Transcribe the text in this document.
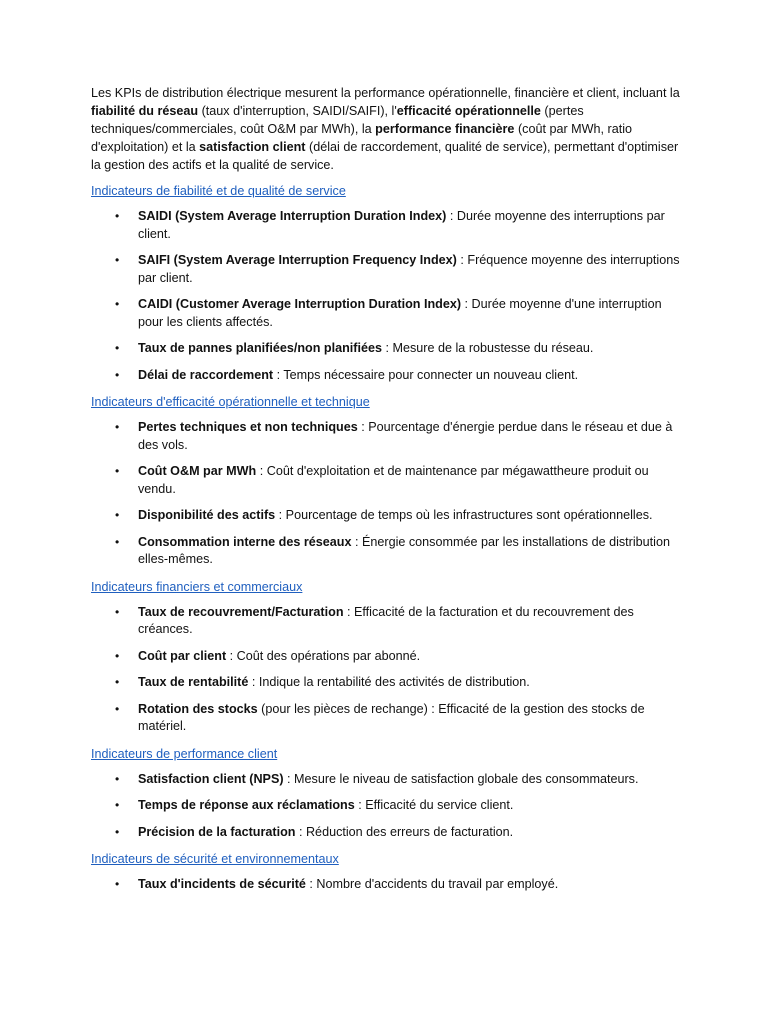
Les KPIs de distribution électrique mesurent la performance opérationnelle, financière et client, incluant la fiabilité du réseau (taux d'interruption, SAIDI/SAIFI), l'efficacité opérationnelle (pertes techniques/commerciales, coût O&M par MWh), la performance financière (coût par MWh, ratio d'exploitation) et la satisfaction client (délai de raccordement, qualité de service), permettant d'optimiser la gestion des actifs et la qualité de service.

Indicateurs de fiabilité et de qualité de service
• SAIDI (System Average Interruption Duration Index) : Durée moyenne des interruptions par client.
• SAIFI (System Average Interruption Frequency Index) : Fréquence moyenne des interruptions par client.
• CAIDI (Customer Average Interruption Duration Index) : Durée moyenne d'une interruption pour les clients affectés.
• Taux de pannes planifiées/non planifiées : Mesure de la robustesse du réseau.
• Délai de raccordement : Temps nécessaire pour connecter un nouveau client.
Indicateurs d'efficacité opérationnelle et technique
• Pertes techniques et non techniques : Pourcentage d'énergie perdue dans le réseau et due à des vols.
• Coût O&M par MWh : Coût d'exploitation et de maintenance par mégawattheure produit ou vendu.
• Disponibilité des actifs : Pourcentage de temps où les infrastructures sont opérationnelles.
• Consommation interne des réseaux : Énergie consommée par les installations de distribution elles-mêmes.
Indicateurs financiers et commerciaux
• Taux de recouvrement/Facturation : Efficacité de la facturation et du recouvrement des créances.
• Coût par client : Coût des opérations par abonné.
• Taux de rentabilité : Indique la rentabilité des activités de distribution.
• Rotation des stocks (pour les pièces de rechange) : Efficacité de la gestion des stocks de matériel.
Indicateurs de performance client
• Satisfaction client (NPS) : Mesure le niveau de satisfaction globale des consommateurs.
• Temps de réponse aux réclamations : Efficacité du service client.
• Précision de la facturation : Réduction des erreurs de facturation.
Indicateurs de sécurité et environnementaux
• Taux d'incidents de sécurité : Nombre d'accidents du travail par employé.
